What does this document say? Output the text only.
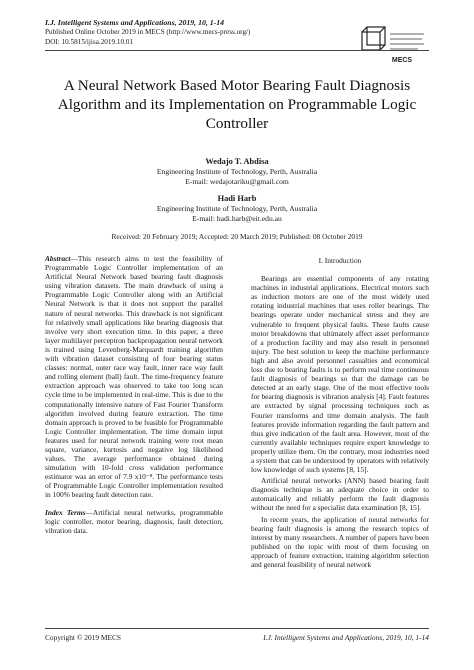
I.J. Intelligent Systems and Applications, 2019, 10, 1-14
Published Online October 2019 in MECS (http://www.mecs-press.org/)
DOI: 10.5815/ijisa.2019.10.01
MECS
A Neural Network Based Motor Bearing Fault Diagnosis Algorithm and its Implementation on Programmable Logic Controller
Wedajo T. Abdisa
Engineering Institute of Technology, Perth, Australia
E-mail: wedajotariku@gmail.com
Hadi Harb
Engineering Institute of Technology, Perth, Australia
E-mail: hadi.harb@eit.edu.au
Received: 20 February 2019; Accepted: 20 March 2019; Published: 08 October 2019

Abstract—This research aims to test the feasibility of Programmable Logic Controller implementation of an Artificial Neural Network based bearing fault diagnosis using vibration datasets. The main drawback of using a Programmable Logic Controller along with an Artificial Neural Network is that it does not support the parallel nature of neural networks. This drawback is not significant for relatively small applications like bearing diagnosis that involve very short execution time. In this paper, a three layer multilayer perceptron backpropagation neural network is trained using Levenberg-Marquardt training algorithm with vibration dataset consisting of four bearing status classes: normal, outer race way fault, inner race way fault and rolling element (ball) fault. The time-frequency feature extraction approach was observed to take too long scan cycle time to be implemented in real-time. This is due to the computationally intensive nature of Fast Fourier Transform algorithm involved during feature extraction. The time domain approach is proved to be feasible for Programmable Logic Controller implementation. The time domain input features used for neural network training were root mean square, variance, kurtosis and negative log likelihood values. The average performance obtained during simulation with 10-fold cross validation performance estimator was an error of 7.9 x10⁻⁸. The performance tests of Programmable Logic Controller implementation resulted in 100% bearing fault detection rate.

Index Terms—Artificial neural networks, programmable logic controller, motor bearing, diagnosis, fault detection, vibration data.

I. Introduction

Bearings are essential components of any rotating machines in industrial applications. Electrical motors such as induction motors are one of the most widely used rotating industrial machines that uses roller bearings. The bearings operate under mechanical stress and they are vulnerable to frequent physical faults. These faults cause motor breakdowns that ultimately affect asset performance of a production facility and may also result in personnel injury. The best solution to keep the machine performance high and also avoid personnel casualties and economical loss due to bearing faults is to perform real time continuous fault diagnosis of bearings so that the damage can be detected at an early stage. One of the most effective tools for bearing diagnosis is vibration analysis [4]. Fault features are extracted by signal processing techniques such as Fourier transforms and time domain analysis. The fault features provide information regarding the fault pattern and thus give indication of the fault area. However, most of the currently available techniques require expert knowledge to properly utilize them. On the contrary, most industries need a system that can be understood by operators with relatively low knowledge of such systems [8, 15].

Artificial neural networks (ANN) based bearing fault diagnosis technique is an adequate choice in order to automatically and reliably perform the fault diagnosis without the need for a specialist data examination [8, 15].

In recent years, the application of neural networks for bearing fault diagnosis is among the research topics of interest by many researchers. A number of papers have been published on the topic with most of them focusing on approach of feature extraction, training algorithm selection and general feasibility of neural network

Copyright © 2019 MECS	I.J. Intelligent Systems and Applications, 2019, 10, 1-14
